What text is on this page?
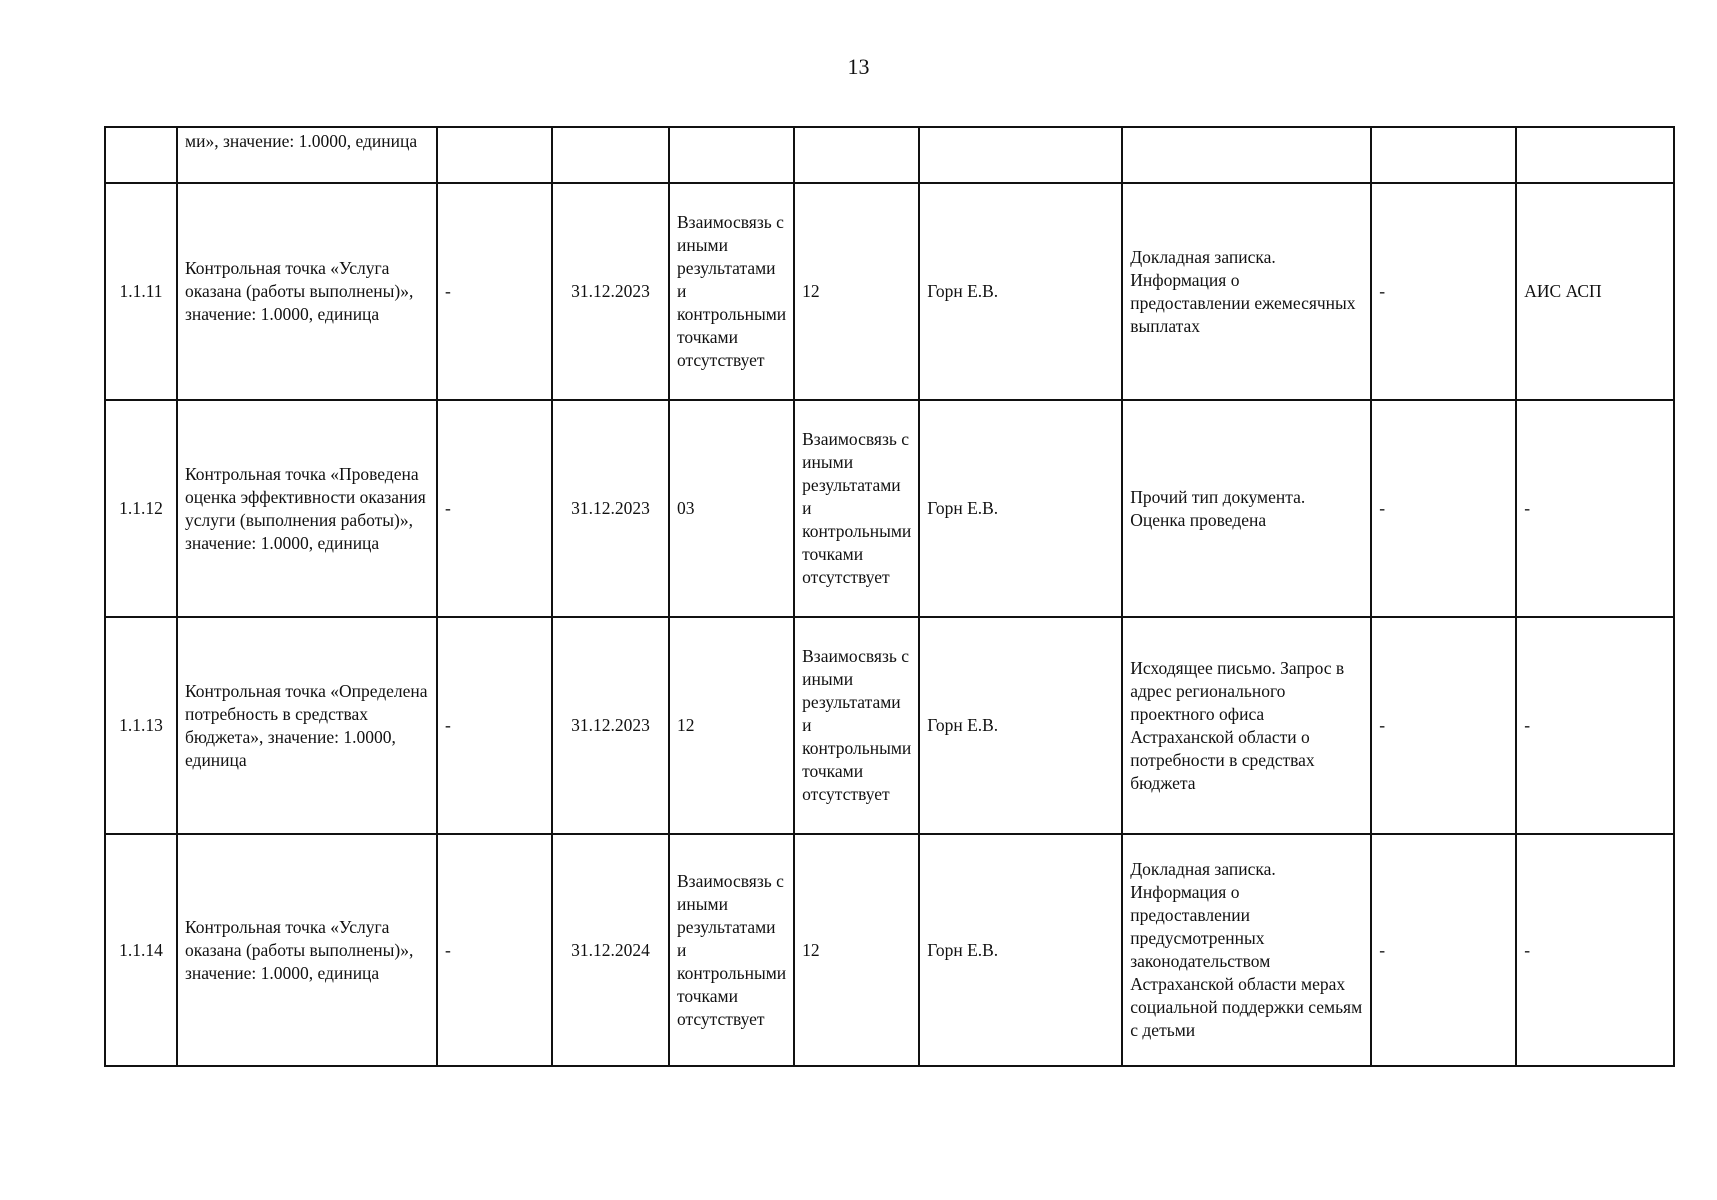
13
	ми», значение: 1.0000, единица								
1.1.11	Контрольная точка «Услуга оказана (работы выполнены)», значение: 1.0000, единица	-	31.12.2023	Взаимосвязь с иными результатами и контрольными точками отсутствует	12	Горн Е.В.	Докладная записка. Информация о предоставлении ежемесячных выплатах	-	АИС АСП
1.1.12	Контрольная точка «Проведена оценка эффективности оказания услуги (выполнения работы)», значение: 1.0000, единица	-	31.12.2023	03	Взаимосвязь с иными результатами и контрольными точками отсутствует	Горн Е.В.	Прочий тип документа. Оценка проведена	-	-
1.1.13	Контрольная точка «Определена потребность в средствах бюджета», значение: 1.0000, единица	-	31.12.2023	12	Взаимосвязь с иными результатами и контрольными точками отсутствует	Горн Е.В.	Исходящее письмо. Запрос в адрес регионального проектного офиса Астраханской области о потребности в средствах бюджета	-	-
1.1.14	Контрольная точка «Услуга оказана (работы выполнены)», значение: 1.0000, единица	-	31.12.2024	Взаимосвязь с иными результатами и контрольными точками отсутствует	12	Горн Е.В.	Докладная записка. Информация о предоставлении предусмотренных законодательством Астраханской области мерах социальной поддержки семьям с детьми	-	-
